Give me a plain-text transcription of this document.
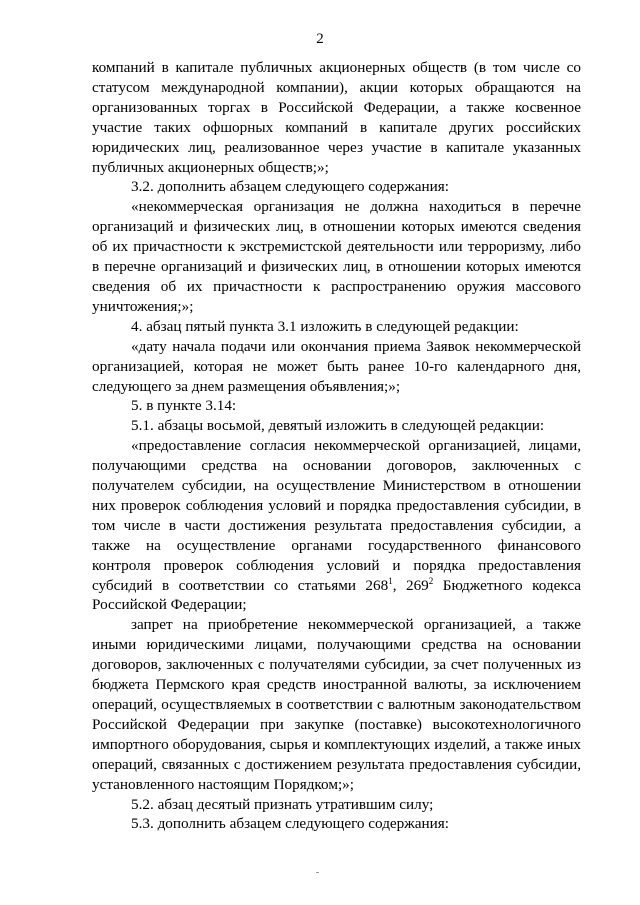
2

компаний в капитале публичных акционерных обществ (в том числе со статусом международной компании), акции которых обращаются на организованных торгах в Российской Федерации, а также косвенное участие таких офшорных компаний в капитале других российских юридических лиц, реализованное через участие в капитале указанных публичных акционерных обществ;»;

3.2. дополнить абзацем следующего содержания:

«некоммерческая организация не должна находиться в перечне организаций и физических лиц, в отношении которых имеются сведения об их причастности к экстремистской деятельности или терроризму, либо в перечне организаций и физических лиц, в отношении которых имеются сведения об их причастности к распространению оружия массового уничтожения;»;

4. абзац пятый пункта 3.1 изложить в следующей редакции:

«дату начала подачи или окончания приема Заявок некоммерческой организацией, которая не может быть ранее 10-го календарного дня, следующего за днем размещения объявления;»;

5. в пункте 3.14:

5.1. абзацы восьмой, девятый изложить в следующей редакции:

«предоставление согласия некоммерческой организацией, лицами, получающими средства на основании договоров, заключенных с получателем субсидии, на осуществление Министерством в отношении них проверок соблюдения условий и порядка предоставления субсидии, в том числе в части достижения результата предоставления субсидии, а также на осуществление органами государственного финансового контроля проверок соблюдения условий и порядка предоставления субсидий в соответствии со статьями $268^1$, $269^2$ Бюджетного кодекса Российской Федерации;

запрет на приобретение некоммерческой организацией, а также иными юридическими лицами, получающими средства на основании договоров, заключенных с получателями субсидии, за счет полученных из бюджета Пермского края средств иностранной валюты, за исключением операций, осуществляемых в соответствии с валютным законодательством Российской Федерации при закупке (поставке) высокотехнологичного импортного оборудования, сырья и комплектующих изделий, а также иных операций, связанных с достижением результата предоставления субсидии, установленного настоящим Порядком;»;

5.2. абзац десятый признать утратившим силу;

5.3. дополнить абзацем следующего содержания:
